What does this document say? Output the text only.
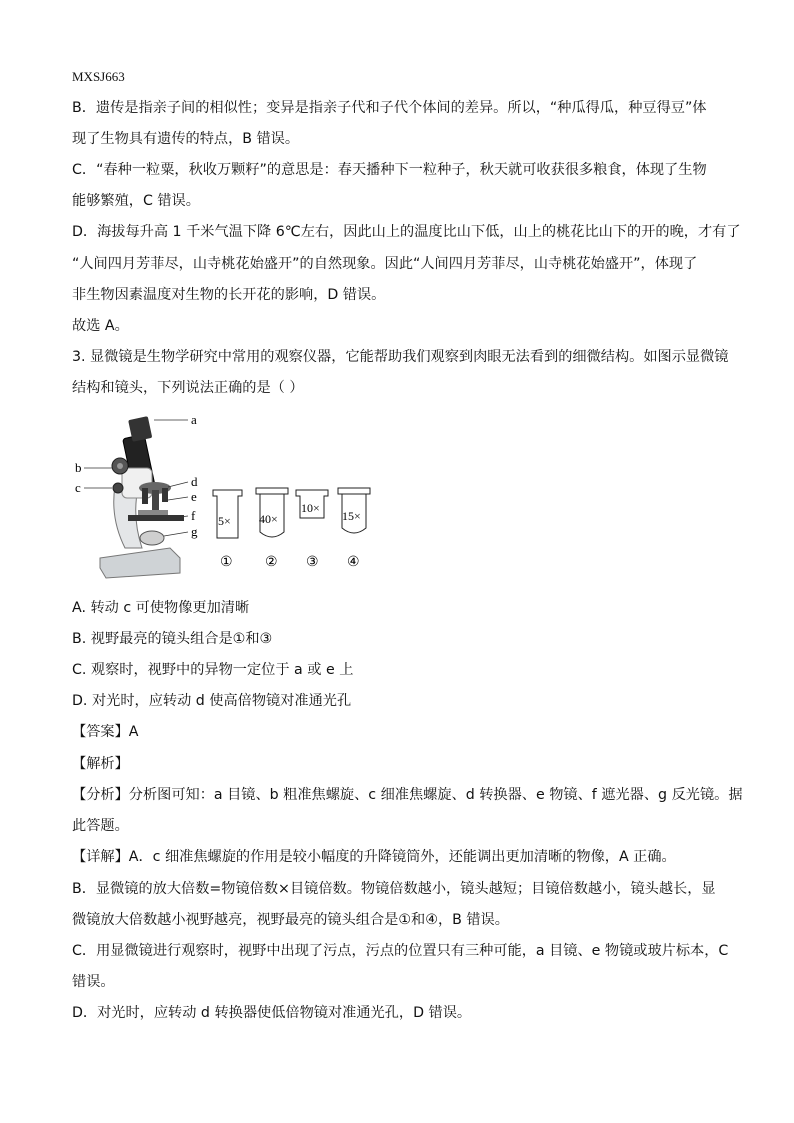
MXSJ663
B．遗传是指亲子间的相似性；变异是指亲子代和子代个体间的差异。所以，“种瓜得瓜，种豆得豆”体
现了生物具有遗传的特点，B 错误。
C．“春种一粒粟，秋收万颗籽”的意思是：春天播种下一粒种子，秋天就可收获很多粮食，体现了生物
能够繁殖，C 错误。
D．海拔每升高 1 千米气温下降 6℃左右，因此山上的温度比山下低，山上的桃花比山下的开的晚，才有了
“人间四月芳菲尽，山寺桃花始盛开”的自然现象。因此“人间四月芳菲尽，山寺桃花始盛开”，体现了
非生物因素温度对生物的长开花的影响，D 错误。
故选 A。
3. 显微镜是生物学研究中常用的观察仪器，它能帮助我们观察到肉眼无法看到的细微结构。如图示显微镜
结构和镜头，下列说法正确的是（ ）
a
b
c	d
e
f
g
5×
①
40×
②
10×
③
15×
④
A. 转动 c 可使物像更加清晰
B. 视野最亮的镜头组合是①和③
C. 观察时，视野中的异物一定位于 a 或 e 上
D. 对光时，应转动 d 使高倍物镜对准通光孔
【答案】A
【解析】
【分析】分析图可知：a 目镜、b 粗准焦螺旋、c 细准焦螺旋、d 转换器、e 物镜、f 遮光器、g 反光镜。据
此答题。
【详解】A．c 细准焦螺旋的作用是较小幅度的升降镜筒外，还能调出更加清晰的物像，A 正确。
B．显微镜的放大倍数=物镜倍数×目镜倍数。物镜倍数越小，镜头越短；目镜倍数越小，镜头越长，显
微镜放大倍数越小视野越亮，视野最亮的镜头组合是①和④，B 错误。
C．用显微镜进行观察时，视野中出现了污点，污点的位置只有三种可能，a 目镜、e 物镜或玻片标本，C
错误。
D．对光时，应转动 d 转换器使低倍物镜对准通光孔，D 错误。
